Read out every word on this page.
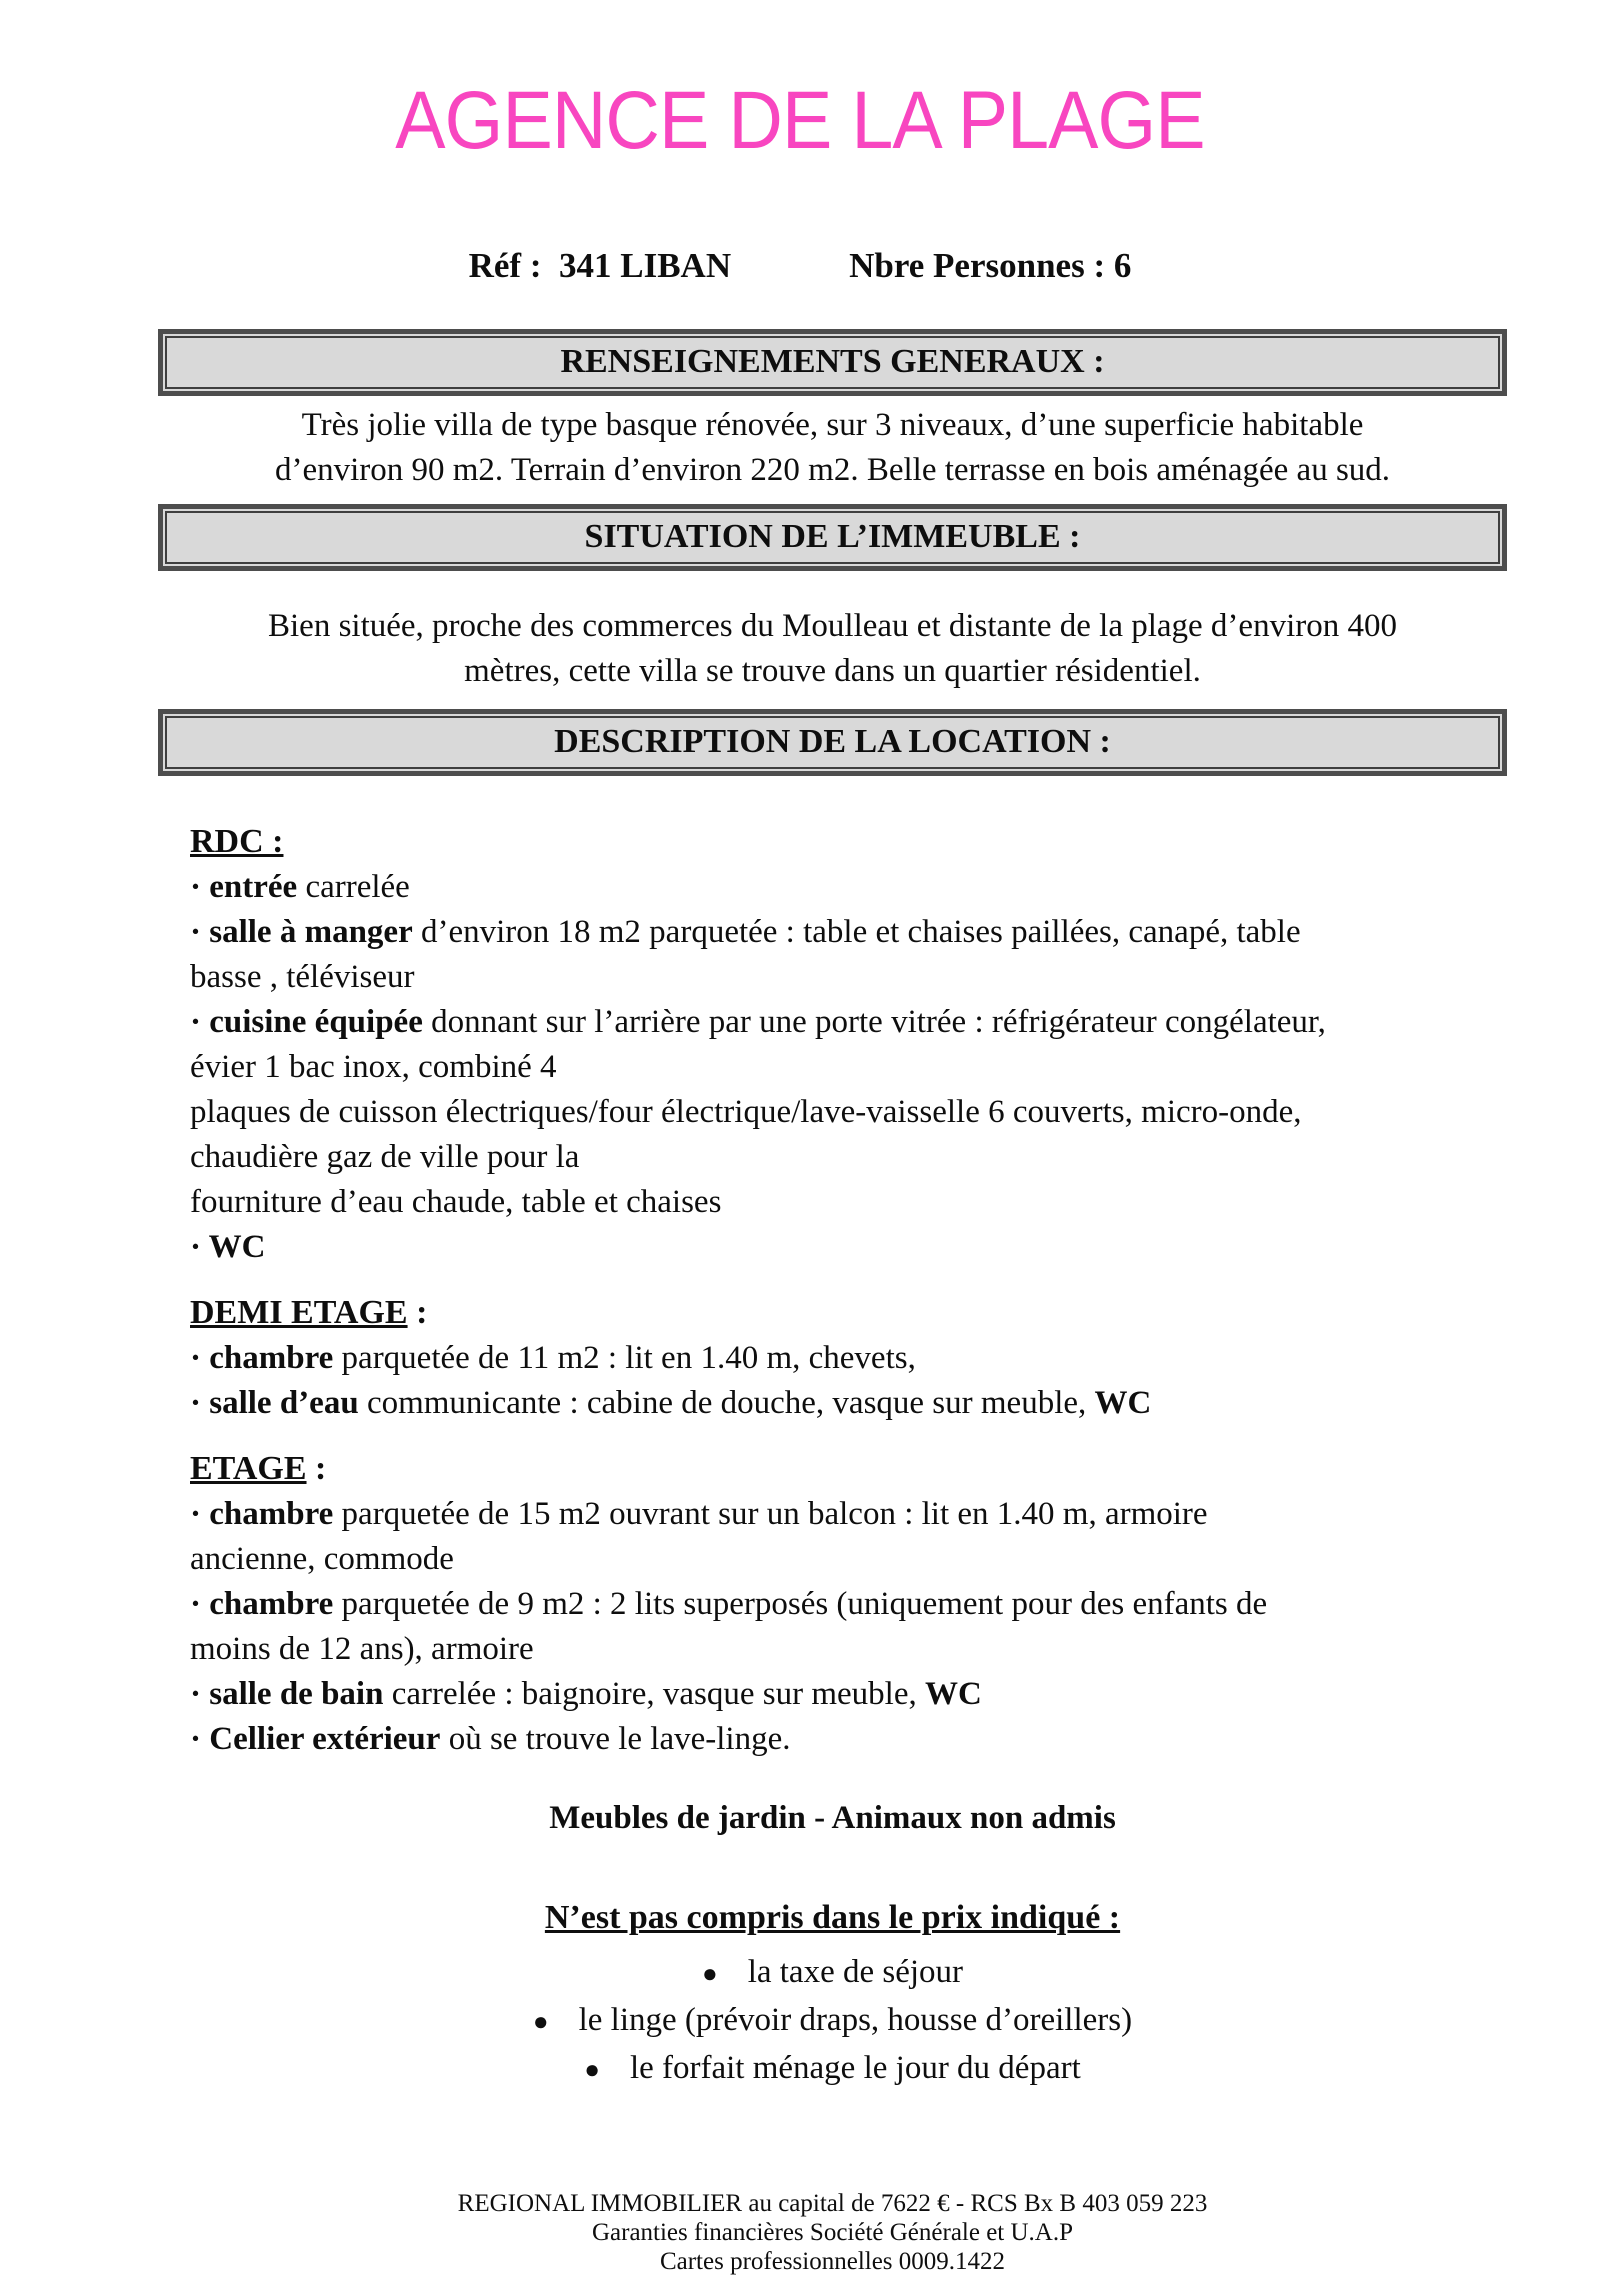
AGENCE DE LA PLAGE
Réf :  341 LIBAN	Nbre Personnes : 6
RENSEIGNEMENTS GENERAUX :

Très jolie villa de type basque rénovée, sur 3 niveaux, d’une superficie habitable
d’environ 90 m2. Terrain d’environ 220 m2. Belle terrasse en bois aménagée au sud.

SITUATION DE L’IMMEUBLE :

Bien située, proche des commerces du Moulleau et distante de la plage d’environ 400
mètres, cette villa se trouve dans un quartier résidentiel.

DESCRIPTION DE LA LOCATION :
RDC :
· entrée carrelée
· salle à manger d’environ 18 m2 parquetée : table et chaises paillées, canapé, table
basse , téléviseur
· cuisine équipée donnant sur l’arrière par une porte vitrée : réfrigérateur congélateur,
évier 1 bac inox, combiné 4
plaques de cuisson électriques/four électrique/lave-vaisselle 6 couverts, micro-onde,
chaudière gaz de ville pour la
fourniture d’eau chaude, table et chaises
· WC
DEMI ETAGE :
· chambre parquetée de 11 m2 : lit en 1.40 m, chevets,
· salle d’eau communicante : cabine de douche, vasque sur meuble, WC
ETAGE :
· chambre parquetée de 15 m2 ouvrant sur un balcon : lit en 1.40 m, armoire
ancienne, commode
· chambre parquetée de 9 m2 : 2 lits superposés (uniquement pour des enfants de
moins de 12 ans), armoire
· salle de bain carrelée : baignoire, vasque sur meuble, WC
· Cellier extérieur où se trouve le lave-linge.
Meubles de jardin - Animaux non admis
N’est pas compris dans le prix indiqué :
● la taxe de séjour
● le linge (prévoir draps, housse d’oreillers)
● le forfait ménage le jour du départ
REGIONAL IMMOBILIER au capital de 7622 € - RCS Bx B 403 059 223
Garanties financières Société Générale et U.A.P
Cartes professionnelles 0009.1422
